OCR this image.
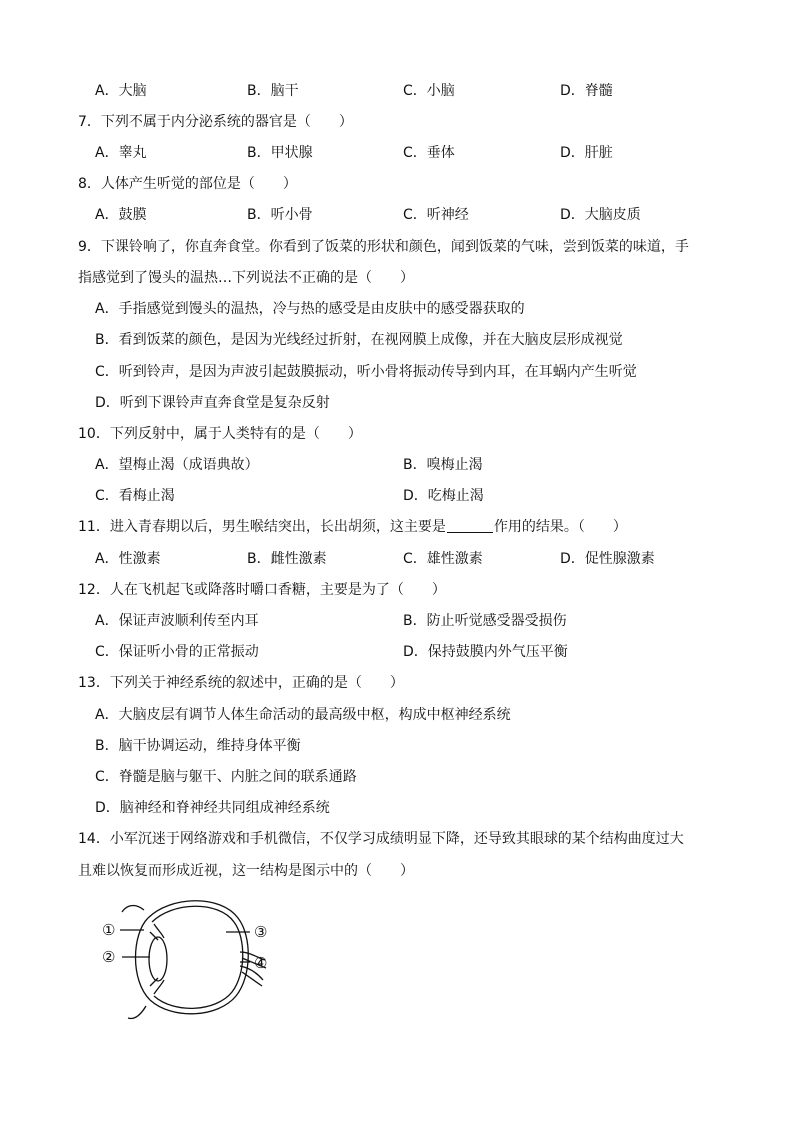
A．大脑	B．脑干	C．小脑	D．脊髓
7．下列不属于内分泌系统的器官是（　　）
A．睾丸	B．甲状腺	C．垂体	D．肝脏
8．人体产生听觉的部位是（　　）
A．鼓膜	B．听小骨	C．听神经	D．大脑皮质
9．下课铃响了，你直奔食堂。你看到了饭菜的形状和颜色，闻到饭菜的气味，尝到饭菜的味道，手
指感觉到了馒头的温热…下列说法不正确的是（　　）
A．手指感觉到馒头的温热，冷与热的感受是由皮肤中的感受器获取的
B．看到饭菜的颜色，是因为光线经过折射，在视网膜上成像，并在大脑皮层形成视觉
C．听到铃声，是因为声波引起鼓膜振动，听小骨将振动传导到内耳，在耳蜗内产生听觉
D．听到下课铃声直奔食堂是复杂反射
10．下列反射中，属于人类特有的是（　　）
A．望梅止渴（成语典故）	B．嗅梅止渴
C．看梅止渴	D．吃梅止渴
11．进入青春期以后，男生喉结突出，长出胡须，这主要是	作用的结果。（　　）
A．性激素	B．雌性激素	C．雄性激素	D．促性腺激素
12．人在飞机起飞或降落时嚼口香糖，主要是为了（　　）
A．保证声波顺利传至内耳	B．防止听觉感受器受损伤
C．保证听小骨的正常振动	D．保持鼓膜内外气压平衡
13．下列关于神经系统的叙述中，正确的是（　　）
A．大脑皮层有调节人体生命活动的最高级中枢，构成中枢神经系统
B．脑干协调运动，维持身体平衡
C．脊髓是脑与躯干、内脏之间的联系通路
D．脑神经和脊神经共同组成神经系统
14．小军沉迷于网络游戏和手机微信，不仅学习成绩明显下降，还导致其眼球的某个结构曲度过大
且难以恢复而形成近视，这一结构是图示中的（　　）
①
②
③
④
